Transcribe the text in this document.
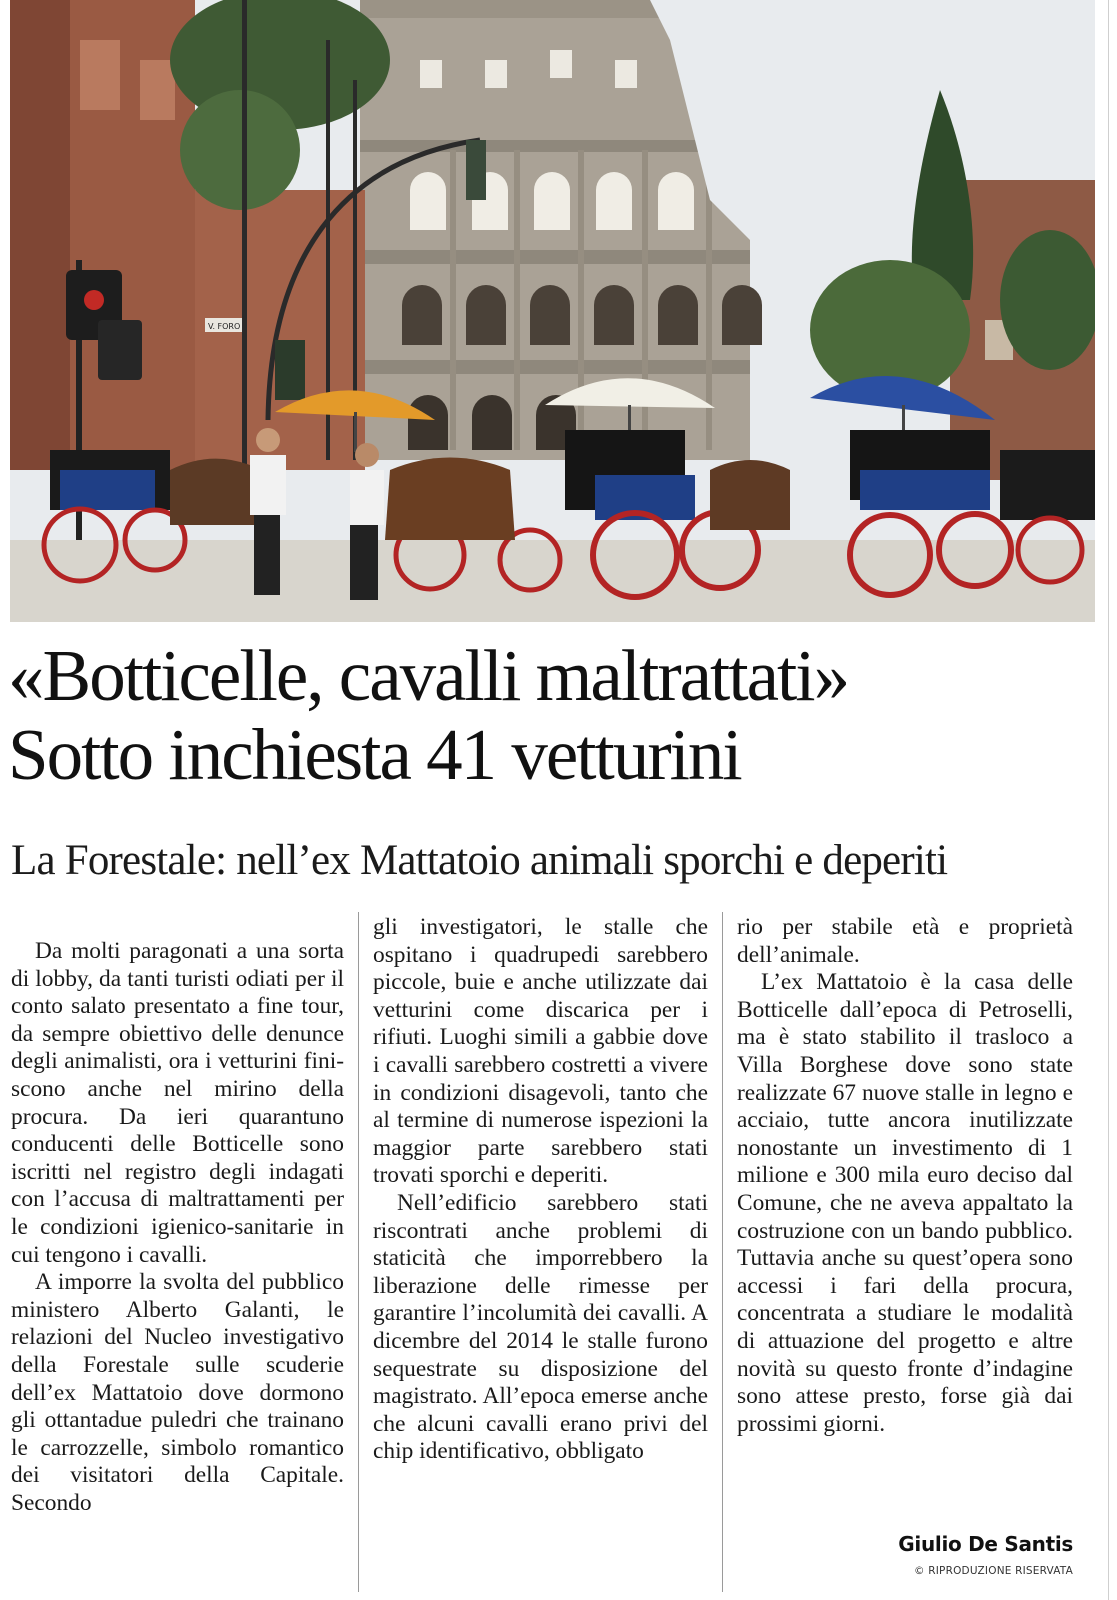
V. FORO
«Botticelle, cavalli maltrattati»
Sotto inchiesta 41 vetturini
La Forestale: nell’ex Mattatoio animali sporchi e deperiti

Da molti paragonati a una sorta di lobby, da tanti turisti odiati per il conto salato presentato a fine tour, da sempre obiettivo delle denunce degli animalisti, ora i vetturini finiscono anche nel mirino della procura. Da ieri quarantuno conducenti delle Botticelle sono iscritti nel registro degli indagati con l’accusa di maltrattamenti per le condizioni igienico-sanitarie in cui tengono i cavalli.

A imporre la svolta del pubblico ministero Alberto Galanti, le relazioni del Nucleo investigativo della Forestale sulle scuderie dell’ex Mattatoio dove dormono gli ottantadue puledri che trainano le carrozzelle, simbolo romantico dei visitatori della Capitale. Secondo

gli investigatori, le stalle che ospitano i quadrupedi sarebbero piccole, buie e anche utilizzate dai vetturini come discarica per i rifiuti. Luoghi simili a gabbie dove i cavalli sarebbero costretti a vivere in condizioni disagevoli, tanto che al termine di numerose ispezioni la maggior parte sarebbero stati trovati sporchi e deperiti.

Nell’edificio sarebbero stati riscontrati anche problemi di staticità che imporrebbero la liberazione delle rimesse per garantire l’incolumità dei cavalli. A dicembre del 2014 le stalle furono sequestrate su disposizione del magistrato. All’epoca emerse anche che alcuni cavalli erano privi del chip identificativo, obbligato

rio per stabile età e proprietà dell’animale.

L’ex Mattatoio è la casa delle Botticelle dall’epoca di Petroselli, ma è stato stabilito il trasloco a Villa Borghese dove sono state realizzate 67 nuove stalle in legno e acciaio, tutte ancora inutilizzate nonostante un investimento di 1 milione e 300 mila euro deciso dal Comune, che ne aveva appaltato la costruzione con un bando pubblico. Tuttavia anche su quest’opera sono accessi i fari della procura, concentrata a studiare le modalità di attuazione del progetto e altre novità su questo fronte d’indagine sono attese presto, forse già dai prossimi giorni.

Giulio De Santis

© RIPRODUZIONE RISERVATA
